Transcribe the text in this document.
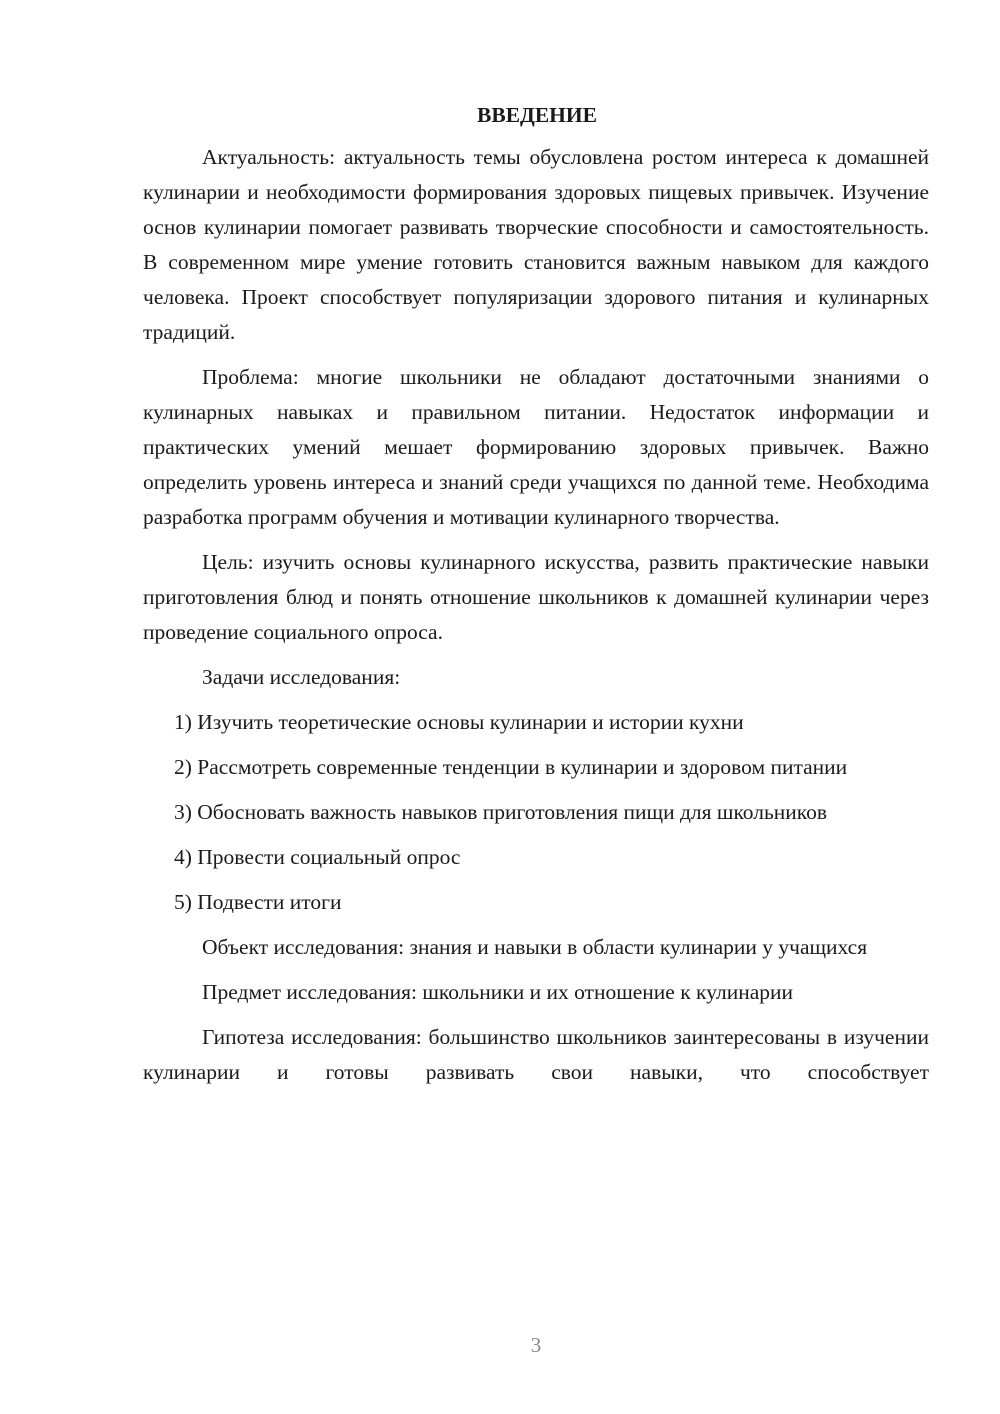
ВВЕДЕНИЕ

Актуальность: актуальность темы обусловлена ростом интереса к домашней кулинарии и необходимости формирования здоровых пищевых привычек. Изучение основ кулинарии помогает развивать творческие способности и самостоятельность. В современном мире умение готовить становится важным навыком для каждого человека. Проект способствует популяризации здорового питания и кулинарных традиций.

Проблема: многие школьники не обладают достаточными знаниями о кулинарных навыках и правильном питании. Недостаток информации и практических умений мешает формированию здоровых привычек. Важно определить уровень интереса и знаний среди учащихся по данной теме. Необходима разработка программ обучения и мотивации кулинарного творчества.

Цель: изучить основы кулинарного искусства, развить практические навыки приготовления блюд и понять отношение школьников к домашней кулинарии через проведение социального опроса.

Задачи исследования:

1) Изучить теоретические основы кулинарии и истории кухни

2) Рассмотреть современные тенденции в кулинарии и здоровом питании

3) Обосновать важность навыков приготовления пищи для школьников

4) Провести социальный опрос

5) Подвести итоги

Объект исследования: знания и навыки в области кулинарии у учащихся

Предмет исследования: школьники и их отношение к кулинарии

Гипотеза исследования: большинство школьников заинтересованы в изучении кулинарии и готовы развивать свои навыки, что способствует

3
